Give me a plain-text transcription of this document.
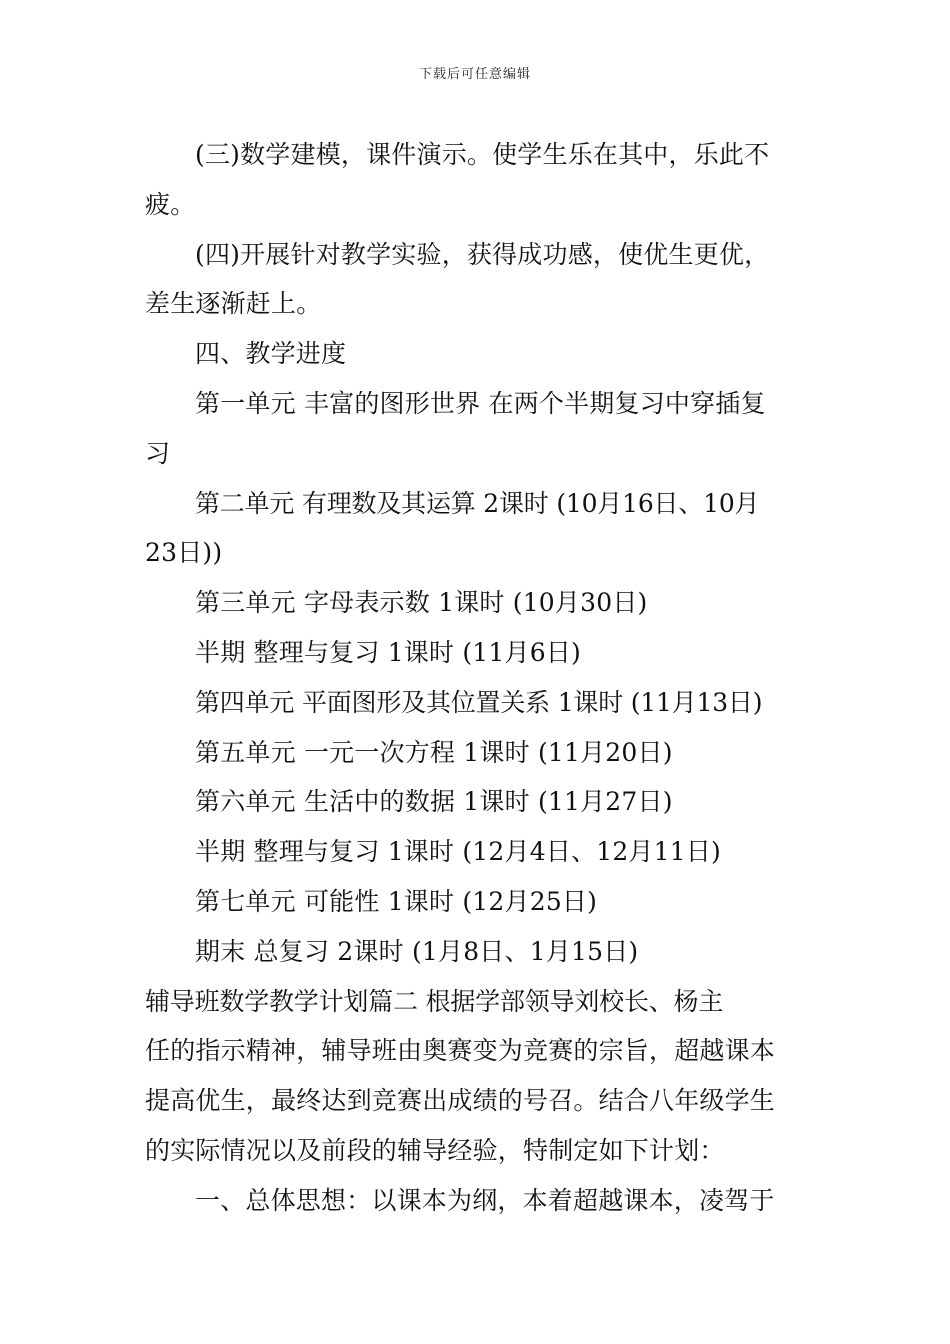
下载后可任意编辑
(三)数学建模，课件演示。使学生乐在其中，乐此不
疲。
(四)开展针对教学实验，获得成功感，使优生更优，
差生逐渐赶上。
四、教学进度
第一单元 丰富的图形世界 在两个半期复习中穿插复
习
第二单元 有理数及其运算 2课时 (10月16日、10月
23日))
第三单元 字母表示数 1课时 (10月30日)
半期 整理与复习 1课时 (11月6日)
第四单元 平面图形及其位置关系 1课时 (11月13日)
第五单元 一元一次方程 1课时 (11月20日)
第六单元 生活中的数据 1课时 (11月27日)
半期 整理与复习 1课时 (12月4日、12月11日)
第七单元 可能性 1课时 (12月25日)
期末 总复习 2课时 (1月8日、1月15日)
辅导班数学教学计划篇二 根据学部领导刘校长、杨主
任的指示精神，辅导班由奥赛变为竞赛的宗旨，超越课本
提高优生，最终达到竞赛出成绩的号召。结合八年级学生
的实际情况以及前段的辅导经验，特制定如下计划：
一、总体思想：以课本为纲，本着超越课本，凌驾于
